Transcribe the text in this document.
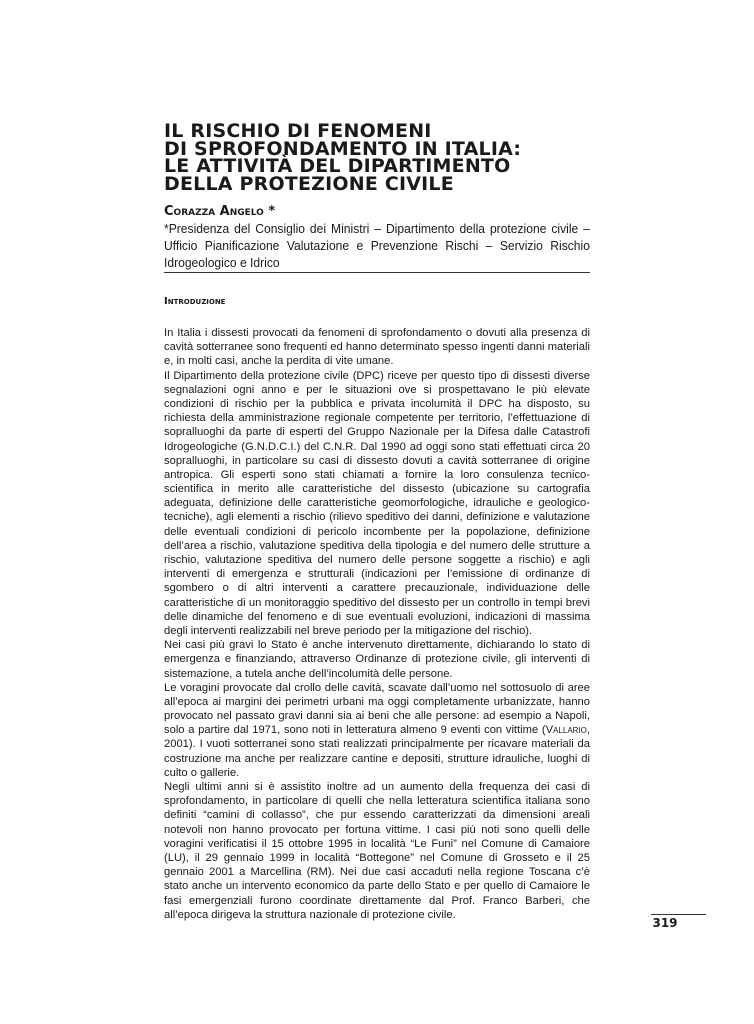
IL RISCHIO DI FENOMENI
DI SPROFONDAMENTO IN ITALIA:
LE ATTIVITÀ DEL DIPARTIMENTO
DELLA PROTEZIONE CIVILE
Corazza Angelo *
*Presidenza del Consiglio dei Ministri – Dipartimento della protezione civile – Ufficio Pianificazione Valutazione e Prevenzione Rischi – Servizio Rischio Idrogeologico e Idrico
Introduzione

In Italia i dissesti provocati da fenomeni di sprofondamento o dovuti alla presenza di cavità sotterranee sono frequenti ed hanno determinato spesso ingenti danni materiali e, in molti casi, anche la perdita di vite umane.

Il Dipartimento della protezione civile (DPC) riceve per questo tipo di dissesti diverse segnalazioni ogni anno e per le situazioni ove si prospettavano le più elevate condizioni di rischio per la pubblica e privata incolumità il DPC ha disposto, su richiesta della amministrazione regionale competente per territorio, l’effettuazione di sopralluoghi da parte di esperti del Gruppo Nazionale per la Difesa dalle Catastrofi Idrogeologiche (G.N.D.C.I.) del C.N.R. Dal 1990 ad oggi sono stati effettuati circa 20 sopralluoghi, in particolare su casi di dissesto dovuti a cavità sotterranee di origine antropica. Gli esperti sono stati chiamati a fornire la loro consulenza tecnico-scientifica in merito alle caratteristiche del dissesto (ubicazione su cartografia adeguata, definizione delle caratteristiche geomorfologiche, idrauliche e geologico-tecniche), agli elementi a rischio (rilievo speditivo dei danni, definizione e valutazione delle eventuali condizioni di pericolo incombente per la popolazione, definizione dell’area a rischio, valutazione speditiva della tipologia e del numero delle strutture a rischio, valutazione speditiva del numero delle persone soggette a rischio) e agli interventi di emergenza e strutturali (indicazioni per l’emissione di ordinanze di sgombero o di altri interventi a carattere precauzionale, individuazione delle caratteristiche di un monitoraggio speditivo del dissesto per un controllo in tempi brevi delle dinamiche del fenomeno e di sue eventuali evoluzioni, indicazioni di massima degli interventi realizzabili nel breve periodo per la mitigazione del rischio).

Nei casi più gravi lo Stato è anche intervenuto direttamente, dichiarando lo stato di emergenza e finanziando, attraverso Ordinanze di protezione civile, gli interventi di sistemazione, a tutela anche dell’incolumità delle persone.

Le voragini provocate dal crollo delle cavità, scavate dall’uomo nel sottosuolo di aree all’epoca ai margini dei perimetri urbani ma oggi completamente urbanizzate, hanno provocato nel passato gravi danni sia ai beni che alle persone: ad esempio a Napoli, solo a partire dal 1971, sono noti in letteratura almeno 9 eventi con vittime (Vallario, 2001). I vuoti sotterranei sono stati realizzati principalmente per ricavare materiali da costruzione ma anche per realizzare cantine e depositi, strutture idrauliche, luoghi di culto o gallerie.

Negli ultimi anni si è assistito inoltre ad un aumento della frequenza dei casi di sprofondamento, in particolare di quelli che nella letteratura scientifica italiana sono definiti “camini di collasso”, che pur essendo caratterizzati da dimensioni areali notevoli non hanno provocato per fortuna vittime. I casi più noti sono quelli delle voragini verificatisi il 15 ottobre 1995 in località “Le Funi” nel Comune di Camaiore (LU), il 29 gennaio 1999 in località “Bottegone” nel Comune di Grosseto e il 25 gennaio 2001 a Marcellina (RM). Nei due casi accaduti nella regione Toscana c’è stato anche un intervento economico da parte dello Stato e per quello di Camaiore le fasi emergenziali furono coordinate direttamente dal Prof. Franco Barberi, che all’epoca dirigeva la struttura nazionale di protezione civile.

319
